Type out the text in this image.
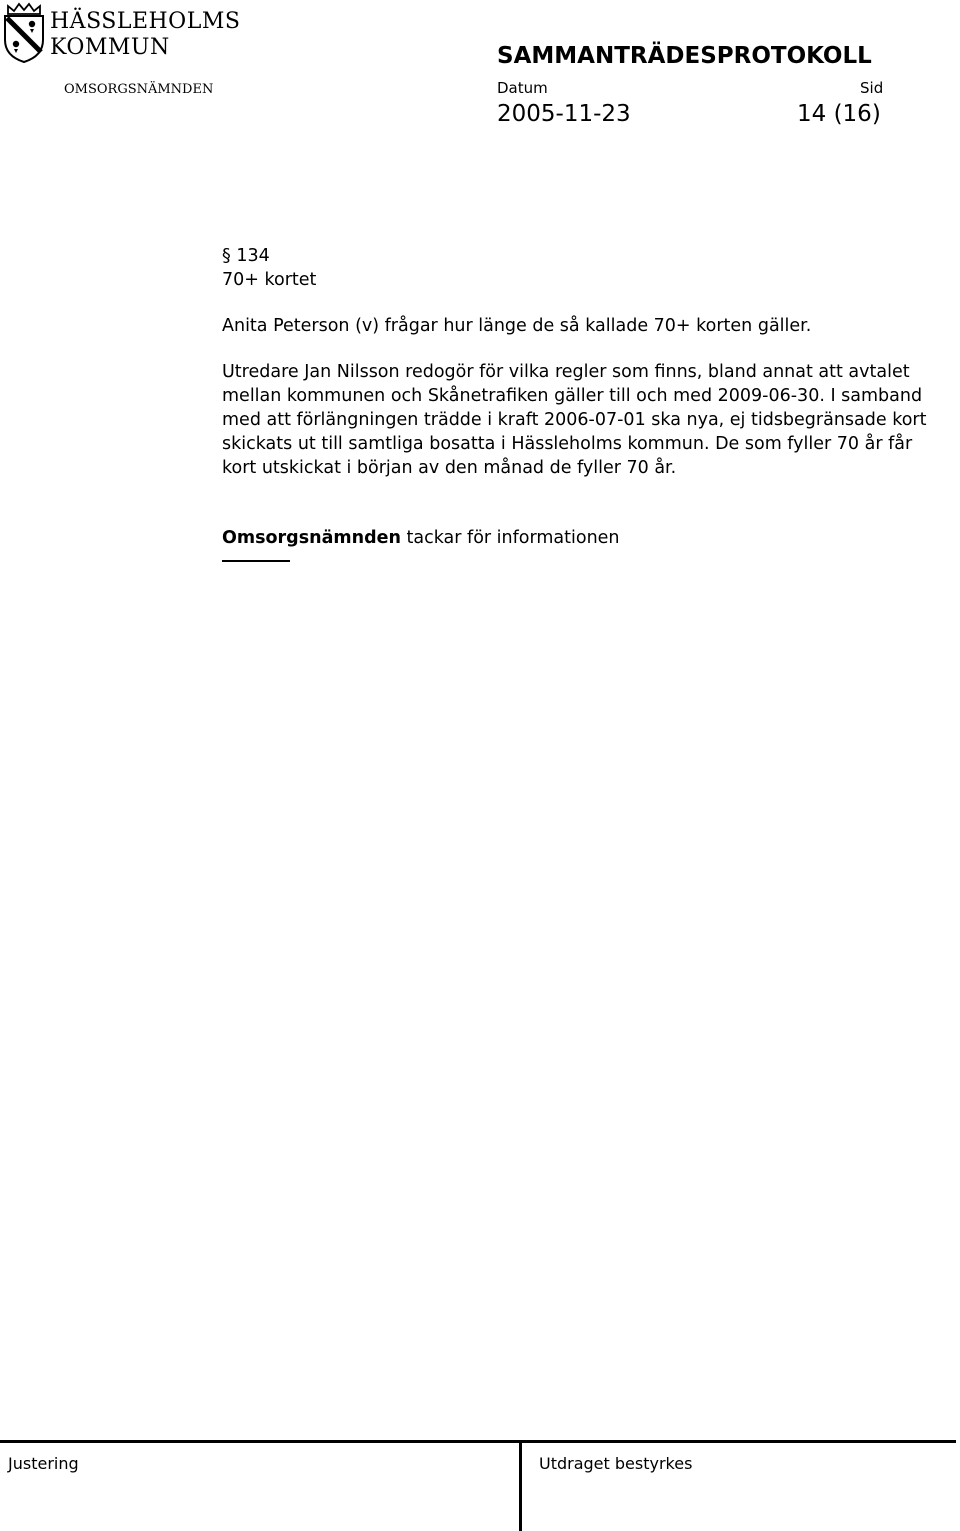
HÄSSLEHOLMS
KOMMUN	SAMMANTRÄDESPROTOKOLL
OMSORGSNÄMNDEN	Datum	Sid
2005-11-23	14 (16)

§ 134

70+ kortet

Anita Peterson (v) frågar hur länge de så kallade 70+ korten gäller.

Utredare Jan Nilsson redogör för vilka regler som finns, bland annat att avtalet mellan kommunen och Skånetrafiken gäller till och med 2009-06-30. I samband med att förlängningen trädde i kraft 2006-07-01 ska nya, ej tidsbegränsade kort skickats ut till samtliga bosatta i Hässleholms kommun. De som fyller 70 år får kort utskickat i början av den månad de fyller 70 år.

Omsorgsnämnden tackar för informationen

Justering	Utdraget bestyrkes
